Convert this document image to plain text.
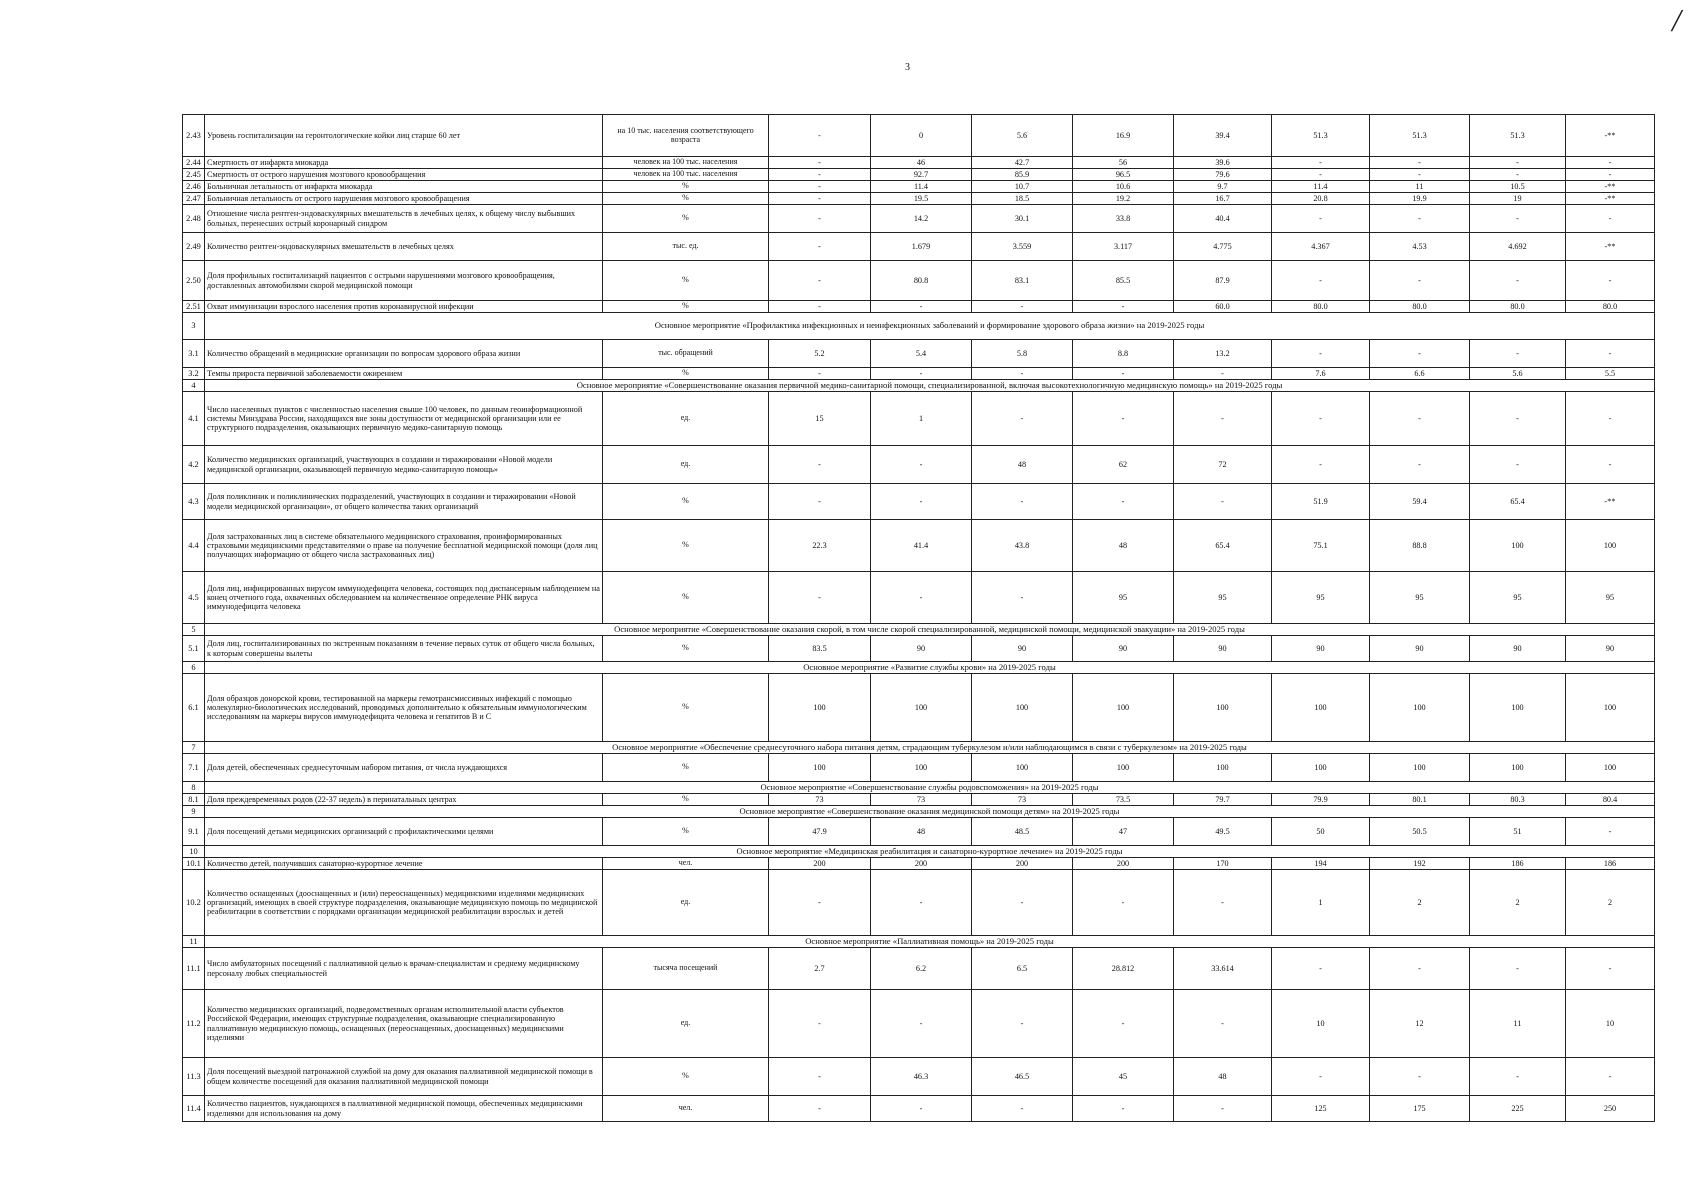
3
/
2.43	Уровень госпитализации на геронтологические койки лиц старше 60 лет	на 10 тыс. населения соответствующего возраста	-	0	5.6	16.9	39.4	51.3	51.3	51.3	-**
2.44	Смертность от инфаркта миокарда	человек на 100 тыс. населения	-	46	42.7	56	39.6	-	-	-	-
2.45	Смертность от острого нарушения мозгового кровообращения	человек на 100 тыс. населения	-	92.7	85.9	96.5	79.6	-	-	-	-
2.46	Больничная летальность от инфаркта миокарда	%	-	11.4	10.7	10.6	9.7	11.4	11	10.5	-**
2.47	Больничная летальность от острого нарушения мозгового кровообращения	%	-	19.5	18.5	19.2	16.7	20.8	19.9	19	-**
2.48	Отношение числа рентген-эндоваскулярных вмешательств в лечебных целях, к общему числу выбывших больных, перенесших острый коронарный синдром	%	-	14.2	30.1	33.8	40.4	-	-	-	-
2.49	Количество рентген-эндоваскулярных вмешательств в лечебных целях	тыс. ед.	-	1.679	3.559	3.117	4.775	4.367	4.53	4.692	-**
2.50	Доля профильных госпитализаций пациентов с острыми нарушениями мозгового кровообращения, доставленных автомобилями скорой медицинской помощи	%	-	80.8	83.1	85.5	87.9	-	-	-	-
2.51	Охват иммунизации взрослого населения против коронавирусной инфекции	%	-	-	-	-	60.0	80.0	80.0	80.0	80.0
3	Основное мероприятие «Профилактика инфекционных и неинфекционных заболеваний и формирование здорового образа жизни» на 2019-2025 годы										
3.1	Количество обращений в медицинские организации по вопросам здорового образа жизни	тыс. обращений	5.2	5.4	5.8	8.8	13.2	-	-	-	-
3.2	Темпы прироста первичной заболеваемости ожирением	%	-	-	-	-	-	7.6	6.6	5.6	5.5
4	Основное мероприятие «Совершенствование оказания первичной медико-санитарной помощи, специализированной, включая высокотехнологичную медицинскую помощь» на 2019-2025 годы										
4.1	Число населенных пунктов с численностью населения свыше 100 человек, по данным геоинформационной системы Минздрава России, находящихся вне зоны доступности от медицинской организации или ее структурного подразделения, оказывающих первичную медико-санитарную помощь	ед.	15	1	-	-	-	-	-	-	-
4.2	Количество медицинских организаций, участвующих в создании и тиражировании «Новой модели медицинской организации, оказывающей первичную медико-санитарную помощь»	ед.	-	-	48	62	72	-	-	-	-
4.3	Доля поликлиник и поликлинических подразделений, участвующих в создании и тиражировании «Новой модели медицинской организации», от общего количества таких организаций	%	-	-	-	-	-	51.9	59.4	65.4	-**
4.4	Доля застрахованных лиц в системе обязательного медицинского страхования, проинформированных страховыми медицинскими представителями о праве на получение бесплатной медицинской помощи (доля лиц получающих информацию от общего числа застрахованных лиц)	%	22.3	41.4	43.8	48	65.4	75.1	88.8	100	100
4.5	Доля лиц, инфицированных вирусом иммунодефицита человека, состоящих под диспансерным наблюдением на конец отчетного года, охваченных обследованием на количественное определение РНК вируса иммунодефицита человека	%	-	-	-	95	95	95	95	95	95
5	Основное мероприятие «Совершенствование оказания скорой, в том числе скорой специализированной, медицинской помощи, медицинской эвакуации» на 2019-2025 годы										
5.1	Доля лиц, госпитализированных по экстренным показаниям в течение первых суток от общего числа больных, к которым совершены вылеты	%	83.5	90	90	90	90	90	90	90	90
6	Основное мероприятие «Развитие службы крови» на 2019-2025 годы										
6.1	Доля образцов донорской крови, тестированной на маркеры гемотрансмиссивных инфекций с помощью молекулярно-биологических исследований, проводимых дополнительно к обязательным иммунологическим исследованиям на маркеры вирусов иммунодефицита человека и гепатитов В и С	%	100	100	100	100	100	100	100	100	100
7	Основное мероприятие «Обеспечение среднесуточного набора питания детям, страдающим туберкулезом и/или наблюдающимся в связи с туберкулезом» на 2019-2025 годы										
7.1	Доля детей, обеспеченных среднесуточным набором питания, от числа нуждающихся	%	100	100	100	100	100	100	100	100	100
8	Основное мероприятие «Совершенствование службы родовспоможения» на 2019-2025 годы										
8.1	Доля преждевременных родов (22-37 недель) в перинатальных центрах	%	73	73	73	73.5	79.7	79.9	80.1	80.3	80.4
9	Основное мероприятие «Совершенствование оказания медицинской помощи детям» на 2019-2025 годы										
9.1	Доля посещений детьми медицинских организаций с профилактическими целями	%	47.9	48	48.5	47	49.5	50	50.5	51	-
10	Основное мероприятие «Медицинская реабилитация и санаторно-курортное лечение» на 2019-2025 годы										
10.1	Количество детей, получивших санаторно-курортное лечение	чел.	200	200	200	200	170	194	192	186	186
10.2	Количество оснащенных (дооснащенных и (или) переоснащенных) медицинскими изделиями медицинских организаций, имеющих в своей структуре подразделения, оказывающие медицинскую помощь по медицинской реабилитации в соответствии с порядками организации медицинской реабилитации взрослых и детей	ед.	-	-	-	-	-	1	2	2	2
11	Основное мероприятие «Паллиативная помощь» на 2019-2025 годы										
11.1	Число амбулаторных посещений с паллиативной целью к врачам-специалистам и среднему медицинскому персоналу любых специальностей	тысяча посещений	2.7	6.2	6.5	28.812	33.614	-	-	-	-
11.2	Количество медицинских организаций, подведомственных органам исполнительной власти субъектов Российской Федерации, имеющих структурные подразделения, оказывающие специализированную паллиативную медицинскую помощь, оснащенных (переоснащенных, дооснащенных) медицинскими изделиями	ед.	-	-	-	-	-	10	12	11	10
11.3	Доля посещений выездной патронажной службой на дому для оказания паллиативной медицинской помощи в общем количестве посещений для оказания паллиативной медицинской помощи	%	-	46.3	46.5	45	48	-	-	-	-
11.4	Количество пациентов, нуждающихся в паллиативной медицинской помощи, обеспеченных медицинскими изделиями для использования на дому	чел.	-	-	-	-	-	125	175	225	250
